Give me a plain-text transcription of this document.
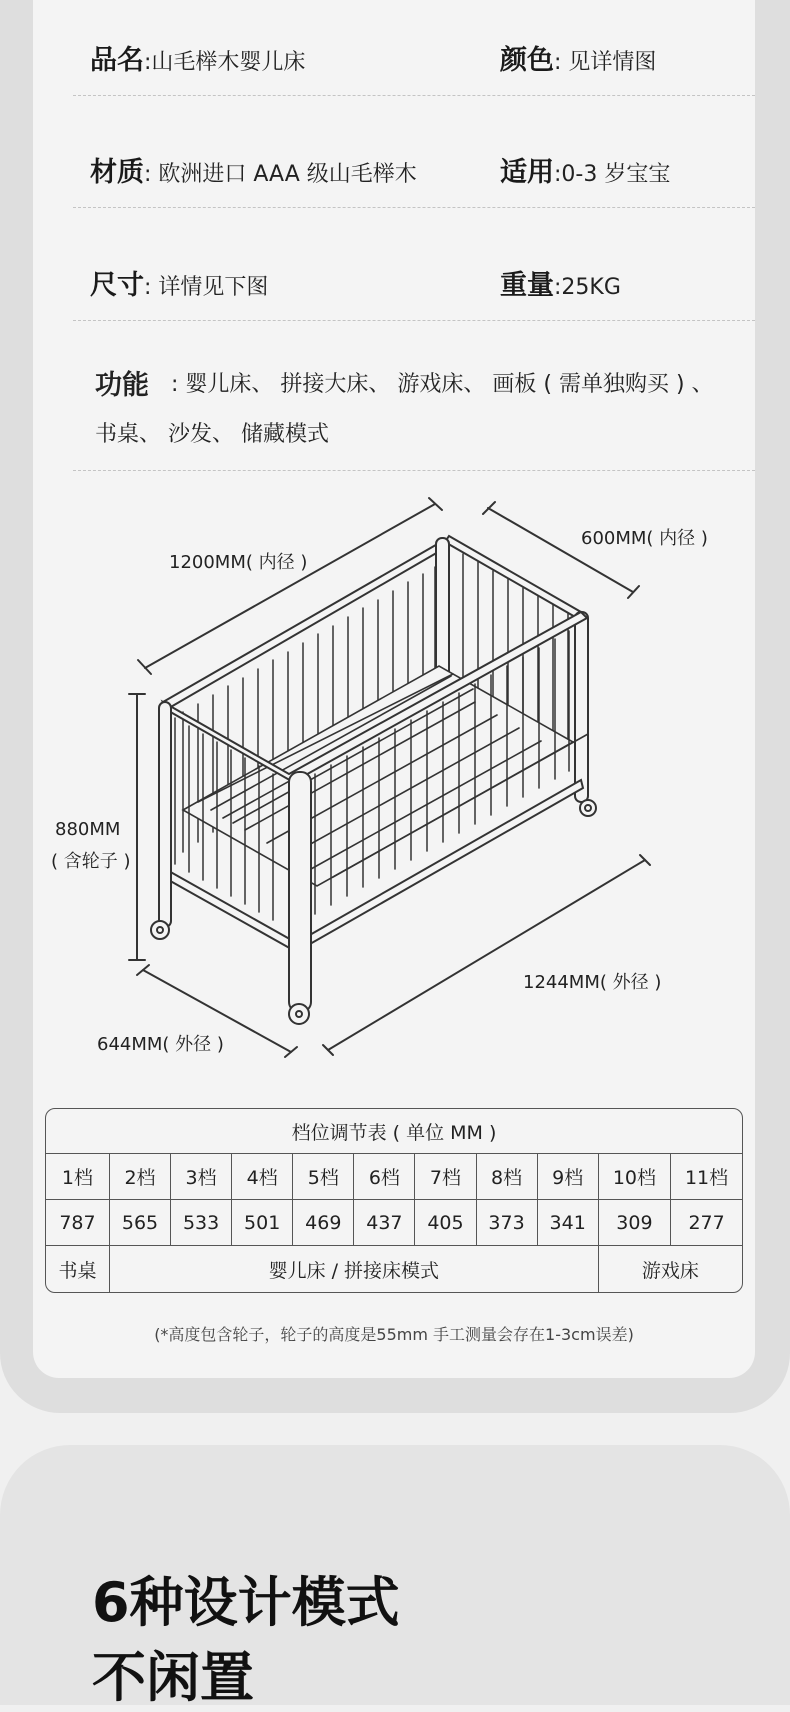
品名:山毛榉木婴儿床	颜色: 见详情图
材质: 欧洲进口 AAA 级山毛榉木	适用:0-3 岁宝宝
尺寸: 详情见下图	重量:25KG
功能 : 婴儿床、 拼接大床、 游戏床、 画板 ( 需单独购买 ) 、
书桌、 沙发、 储藏模式
1200MM( 内径 )
600MM( 内径 )
880MM
( 含轮子 )
1244MM( 外径 )
644MM( 外径 )
档位调节表 ( 单位 MM )										
1档	2档	3档	4档	5档	6档	7档	8档	9档	10档	11档
787	565	533	501	469	437	405	373	341	309	277
书桌	婴儿床 / 拼接床模式								游戏床	
(*高度包含轮子，轮子的高度是55mm 手工测量会存在1-3cm误差)
6种设计模式
不闲置
